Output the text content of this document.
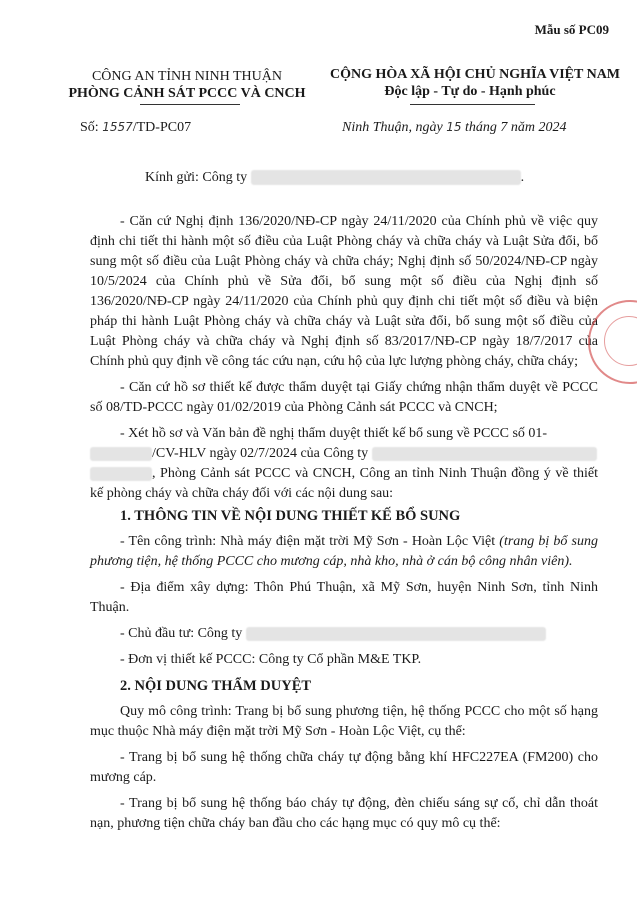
Mẫu số PC09
CÔNG AN TỈNH NINH THUẬN
PHÒNG CẢNH SÁT PCCC VÀ CNCH
CỘNG HÒA XÃ HỘI CHỦ NGHĨA VIỆT NAM
Độc lập - Tự do - Hạnh phúc
Số: 1557/TD-PC07	Ninh Thuận, ngày 15 tháng 7 năm 2024
Kính gửi: Công ty	.

- Căn cứ Nghị định 136/2020/NĐ-CP ngày 24/11/2020 của Chính phủ về việc quy định chi tiết thi hành một số điều của Luật Phòng cháy và chữa cháy và Luật Sửa đổi, bổ sung một số điều của Luật Phòng cháy và chữa cháy; Nghị định số 50/2024/NĐ-CP ngày 10/5/2024 của Chính phủ về Sửa đổi, bổ sung một số điều của Nghị định số 136/2020/NĐ-CP ngày 24/11/2020 của Chính phủ quy định chi tiết một số điều và biện pháp thi hành Luật Phòng cháy và chữa cháy và Luật sửa đổi, bổ sung một số điều của Luật Phòng cháy và chữa cháy và Nghị định số 83/2017/NĐ-CP ngày 18/7/2017 của Chính phủ quy định về công tác cứu nạn, cứu hộ của lực lượng phòng cháy, chữa cháy;

- Căn cứ hồ sơ thiết kế được thẩm duyệt tại Giấy chứng nhận thẩm duyệt về PCCC số 08/TD-PCCC ngày 01/02/2019 của Phòng Cảnh sát PCCC và CNCH;

- Xét hồ sơ và Văn bản đề nghị thẩm duyệt thiết kế bổ sung về PCCC số 01-
/CV-HLV ngày 02/7/2024 của Công ty
, Phòng Cảnh sát PCCC và CNCH, Công an tỉnh Ninh Thuận đồng ý về thiết kế phòng cháy và chữa cháy đối với các nội dung sau:

1. THÔNG TIN VỀ NỘI DUNG THIẾT KẾ BỔ SUNG

- Tên công trình: Nhà máy điện mặt trời Mỹ Sơn - Hoàn Lộc Việt (trang bị bổ sung phương tiện, hệ thống PCCC cho mương cáp, nhà kho, nhà ở cán bộ công nhân viên).

- Địa điểm xây dựng: Thôn Phú Thuận, xã Mỹ Sơn, huyện Ninh Sơn, tỉnh Ninh Thuận.

- Chủ đầu tư: Công ty

- Đơn vị thiết kế PCCC: Công ty Cổ phần M&E TKP.

2. NỘI DUNG THẨM DUYỆT

Quy mô công trình: Trang bị bổ sung phương tiện, hệ thống PCCC cho một số hạng mục thuộc Nhà máy điện mặt trời Mỹ Sơn - Hoàn Lộc Việt, cụ thể:

- Trang bị bổ sung hệ thống chữa cháy tự động bằng khí HFC227EA (FM200) cho mương cáp.

- Trang bị bổ sung hệ thống báo cháy tự động, đèn chiếu sáng sự cố, chỉ dẫn thoát nạn, phương tiện chữa cháy ban đầu cho các hạng mục có quy mô cụ thể:
